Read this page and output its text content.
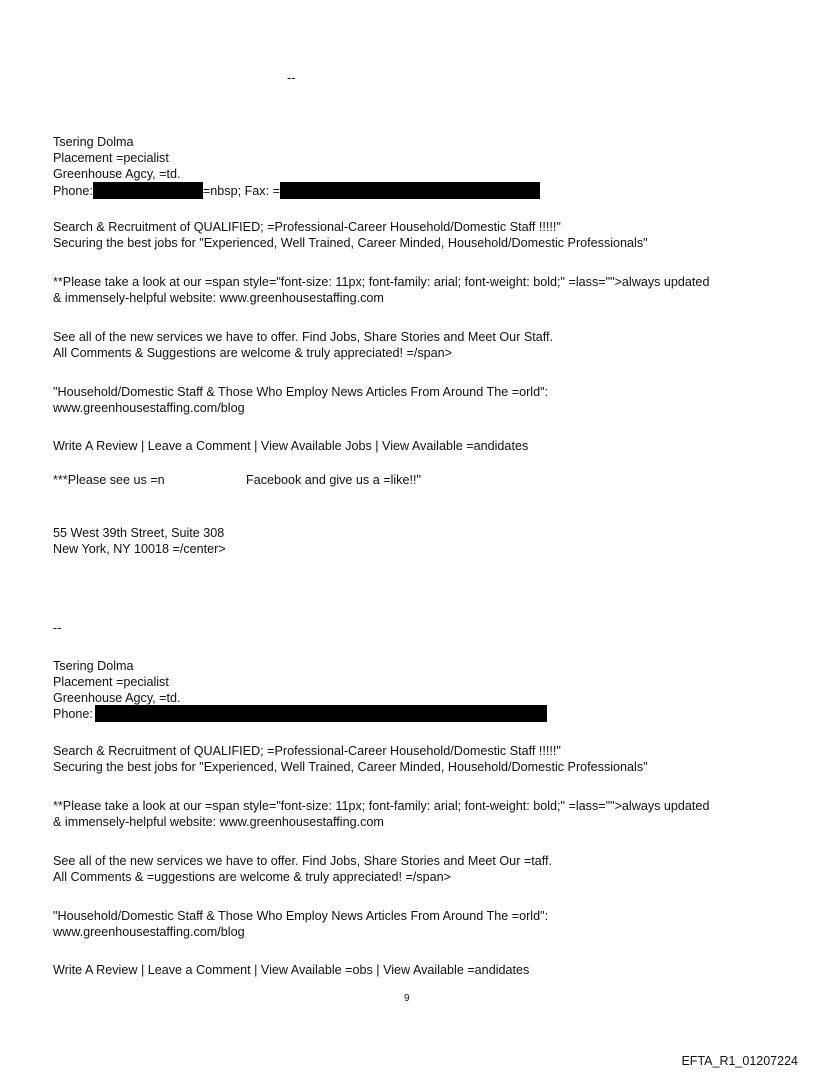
--
Tsering Dolma
Placement =pecialist
Greenhouse Agcy, =td.
Phone:	=nbsp; Fax: =
Search & Recruitment of QUALIFIED; =Professional-Career Household/Domestic Staff !!!!!"
Securing the best jobs for "Experienced, Well Trained, Career Minded, Household/Domestic Professionals"
**Please take a look at our =span style="font-size: 11px; font-family: arial; font-weight: bold;" =lass="">always updated
& immensely-helpful website: www.greenhousestaffing.com
See all of the new services we have to offer. Find Jobs, Share Stories and Meet Our Staff.
All Comments & Suggestions are welcome & truly appreciated! =/span>
"Household/Domestic Staff & Those Who Employ News Articles From Around The =orld":
www.greenhousestaffing.com/blog
Write A Review | Leave a Comment | View Available Jobs | View Available =andidates
***Please see us =n	Facebook and give us a =like!!"
55 West 39th Street, Suite 308
New York, NY 10018 =/center>
--
Tsering Dolma
Placement =pecialist
Greenhouse Agcy, =td.
Phone:
Search & Recruitment of QUALIFIED; =Professional-Career Household/Domestic Staff !!!!!"
Securing the best jobs for "Experienced, Well Trained, Career Minded, Household/Domestic Professionals"
**Please take a look at our =span style="font-size: 11px; font-family: arial; font-weight: bold;" =lass="">always updated
& immensely-helpful website: www.greenhousestaffing.com
See all of the new services we have to offer. Find Jobs, Share Stories and Meet Our =taff.
All Comments & =uggestions are welcome & truly appreciated! =/span>
"Household/Domestic Staff & Those Who Employ News Articles From Around The =orld":
www.greenhousestaffing.com/blog
Write A Review | Leave a Comment | View Available =obs | View Available =andidates
9
EFTA_R1_01207224
